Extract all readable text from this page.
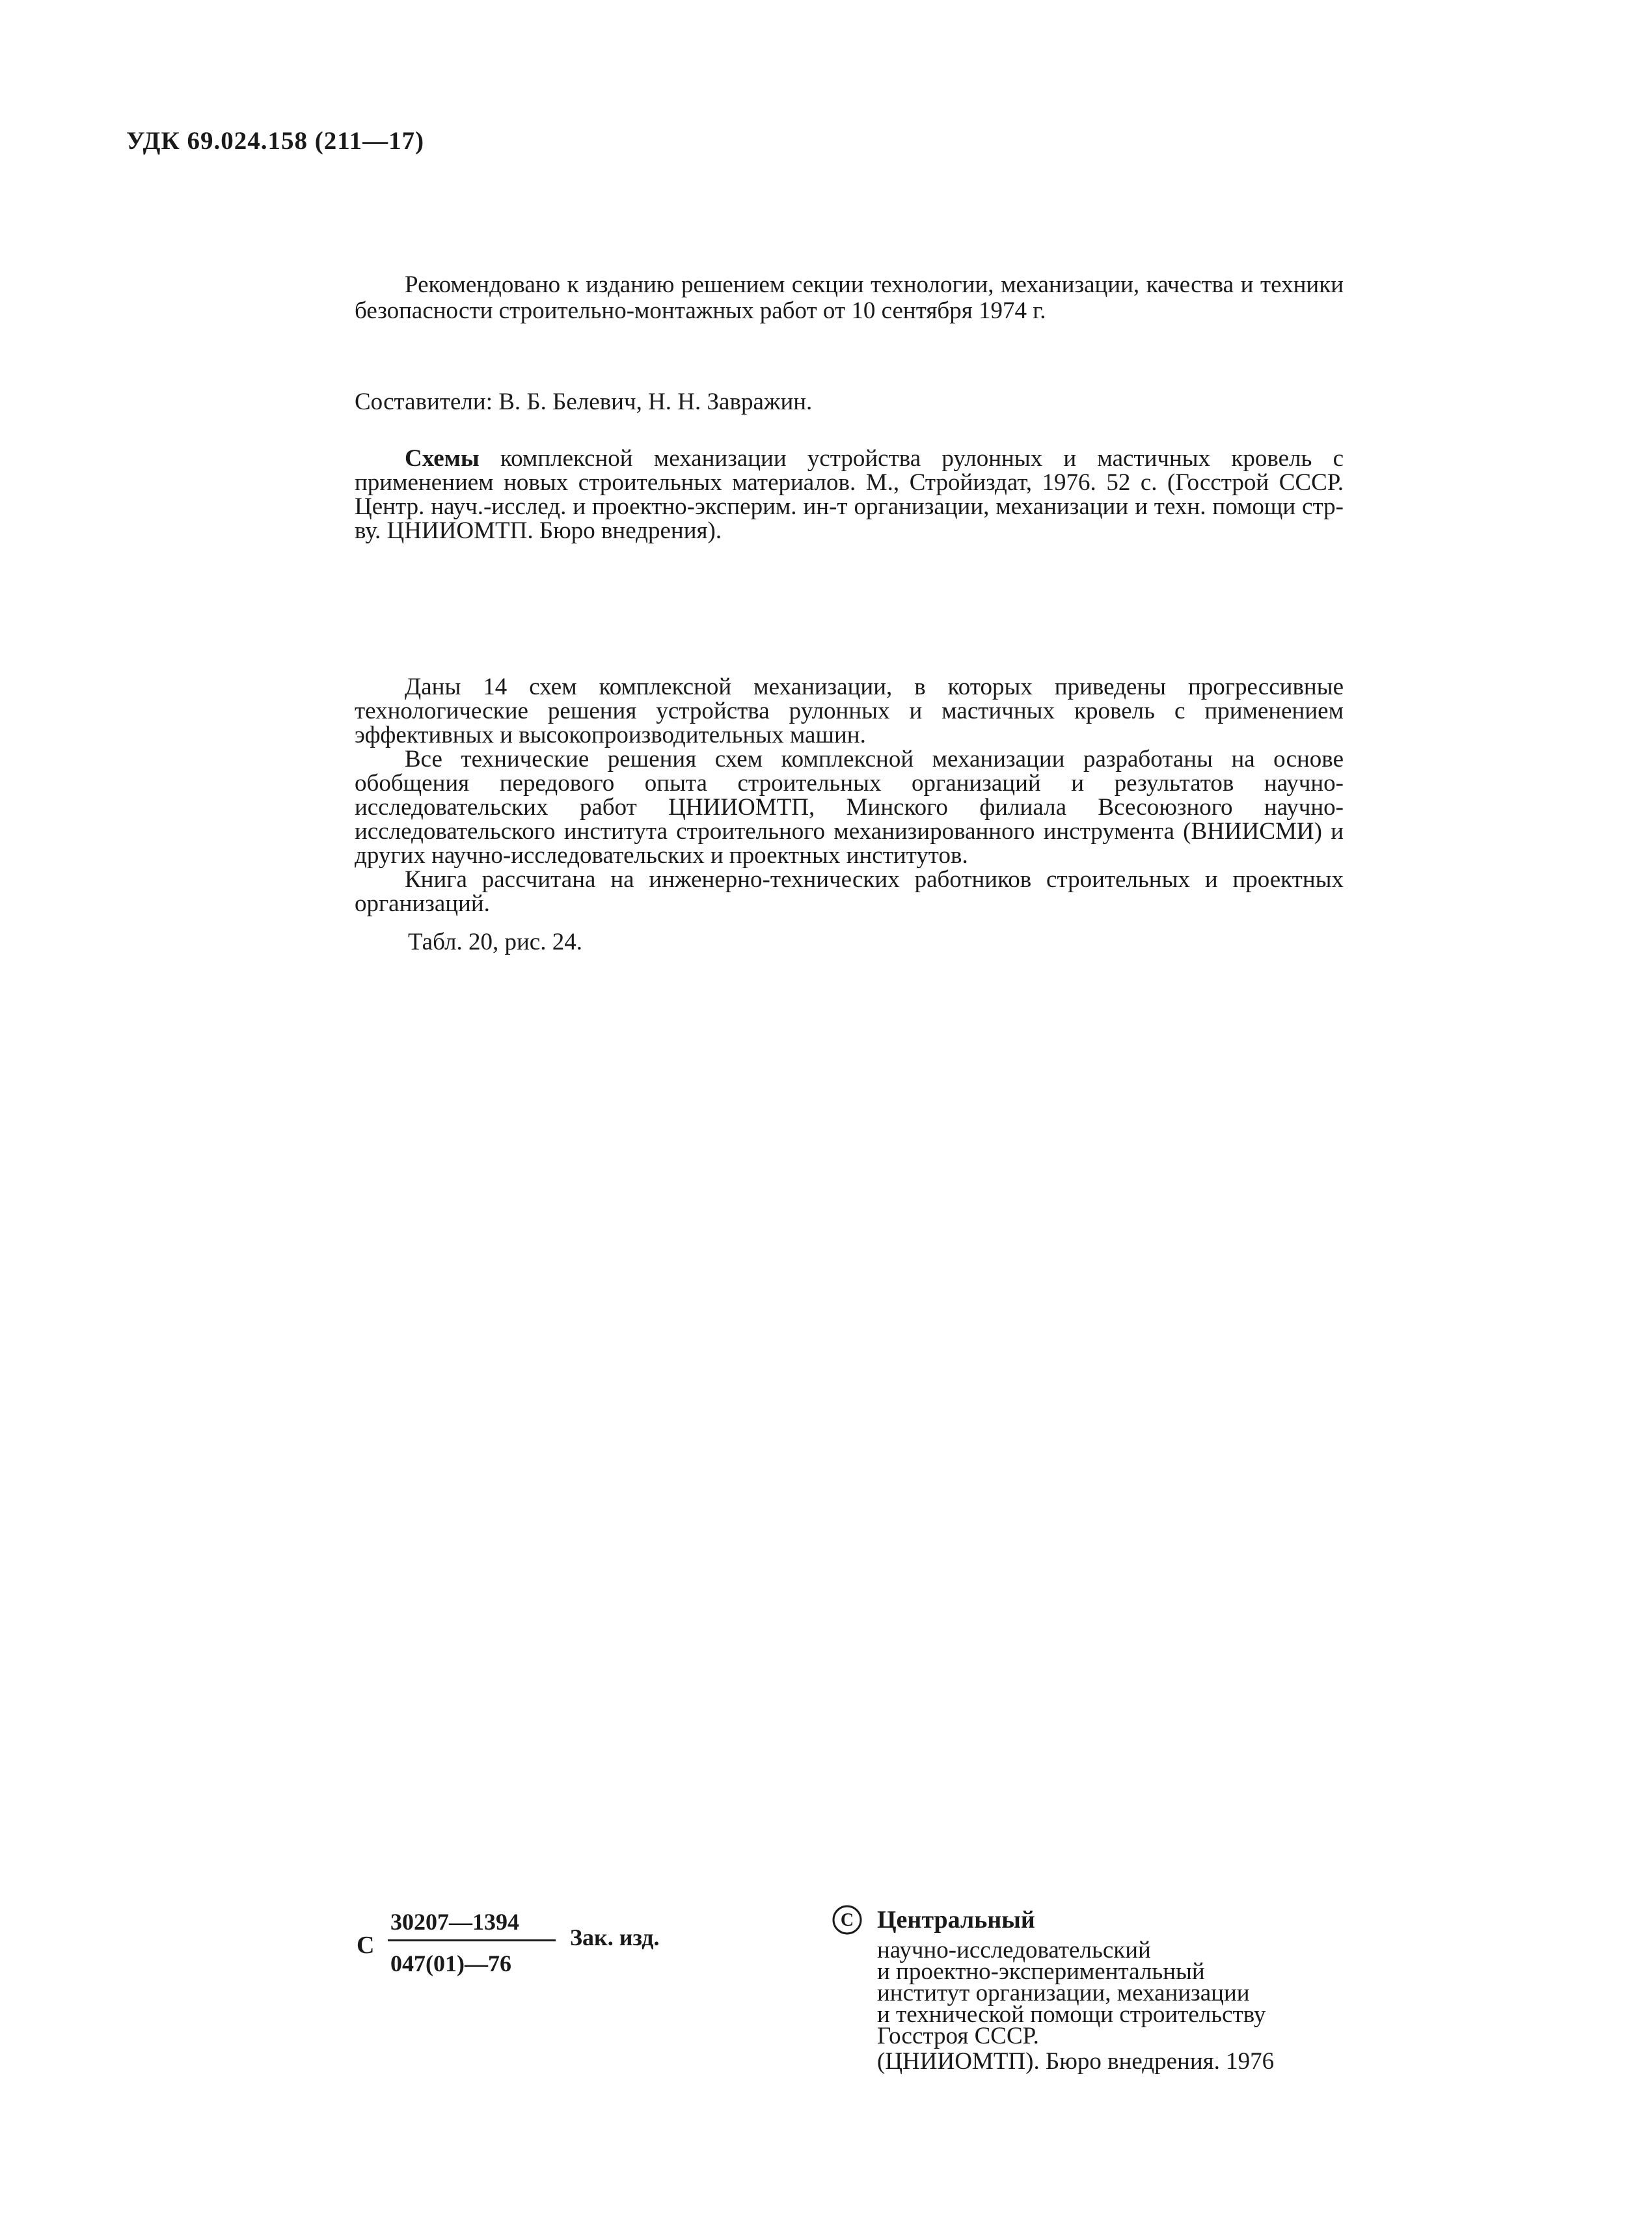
УДК 69.024.158 (211—17)
Рекомендовано к изданию решением секции технологии, механизации, качества и техники безопасности строительно-монтажных работ от 10 сентября 1974 г.
Составители: В. Б. Белевич, Н. Н. Завражин.
Схемы комплексной механизации устройства рулонных и мастичных кровель с применением новых строительных материалов. М., Стройиздат, 1976. 52 с. (Госстрой СССР. Центр. науч.-исслед. и проектно-эксперим. ин-т организации, механизации и техн. помощи стр-ву. ЦНИИОМТП. Бюро внедрения).

Даны 14 схем комплексной механизации, в которых приведены прогрессивные технологические решения устройства рулонных и мастичных кровель с применением эффективных и высокопроизводительных машин.

Все технические решения схем комплексной механизации разработаны на основе обобщения передового опыта строительных организаций и результатов научно-исследовательских работ ЦНИИОМТП, Минского филиала Всесоюзного научно-исследовательского института строительного механизированного инструмента (ВНИИСМИ) и других научно-исследовательских и проектных институтов.

Книга рассчитана на инженерно-технических работников строительных и проектных организаций.

Табл. 20, рис. 24.
С
30207—1394
047(01)—76
Зак. изд.
C Центральный
научно-исследовательский
и проектно-экспериментальный
институт организации, механизации
и технической помощи строительству
Госстроя СССР.
(ЦНИИОМТП). Бюро внедрения. 1976
